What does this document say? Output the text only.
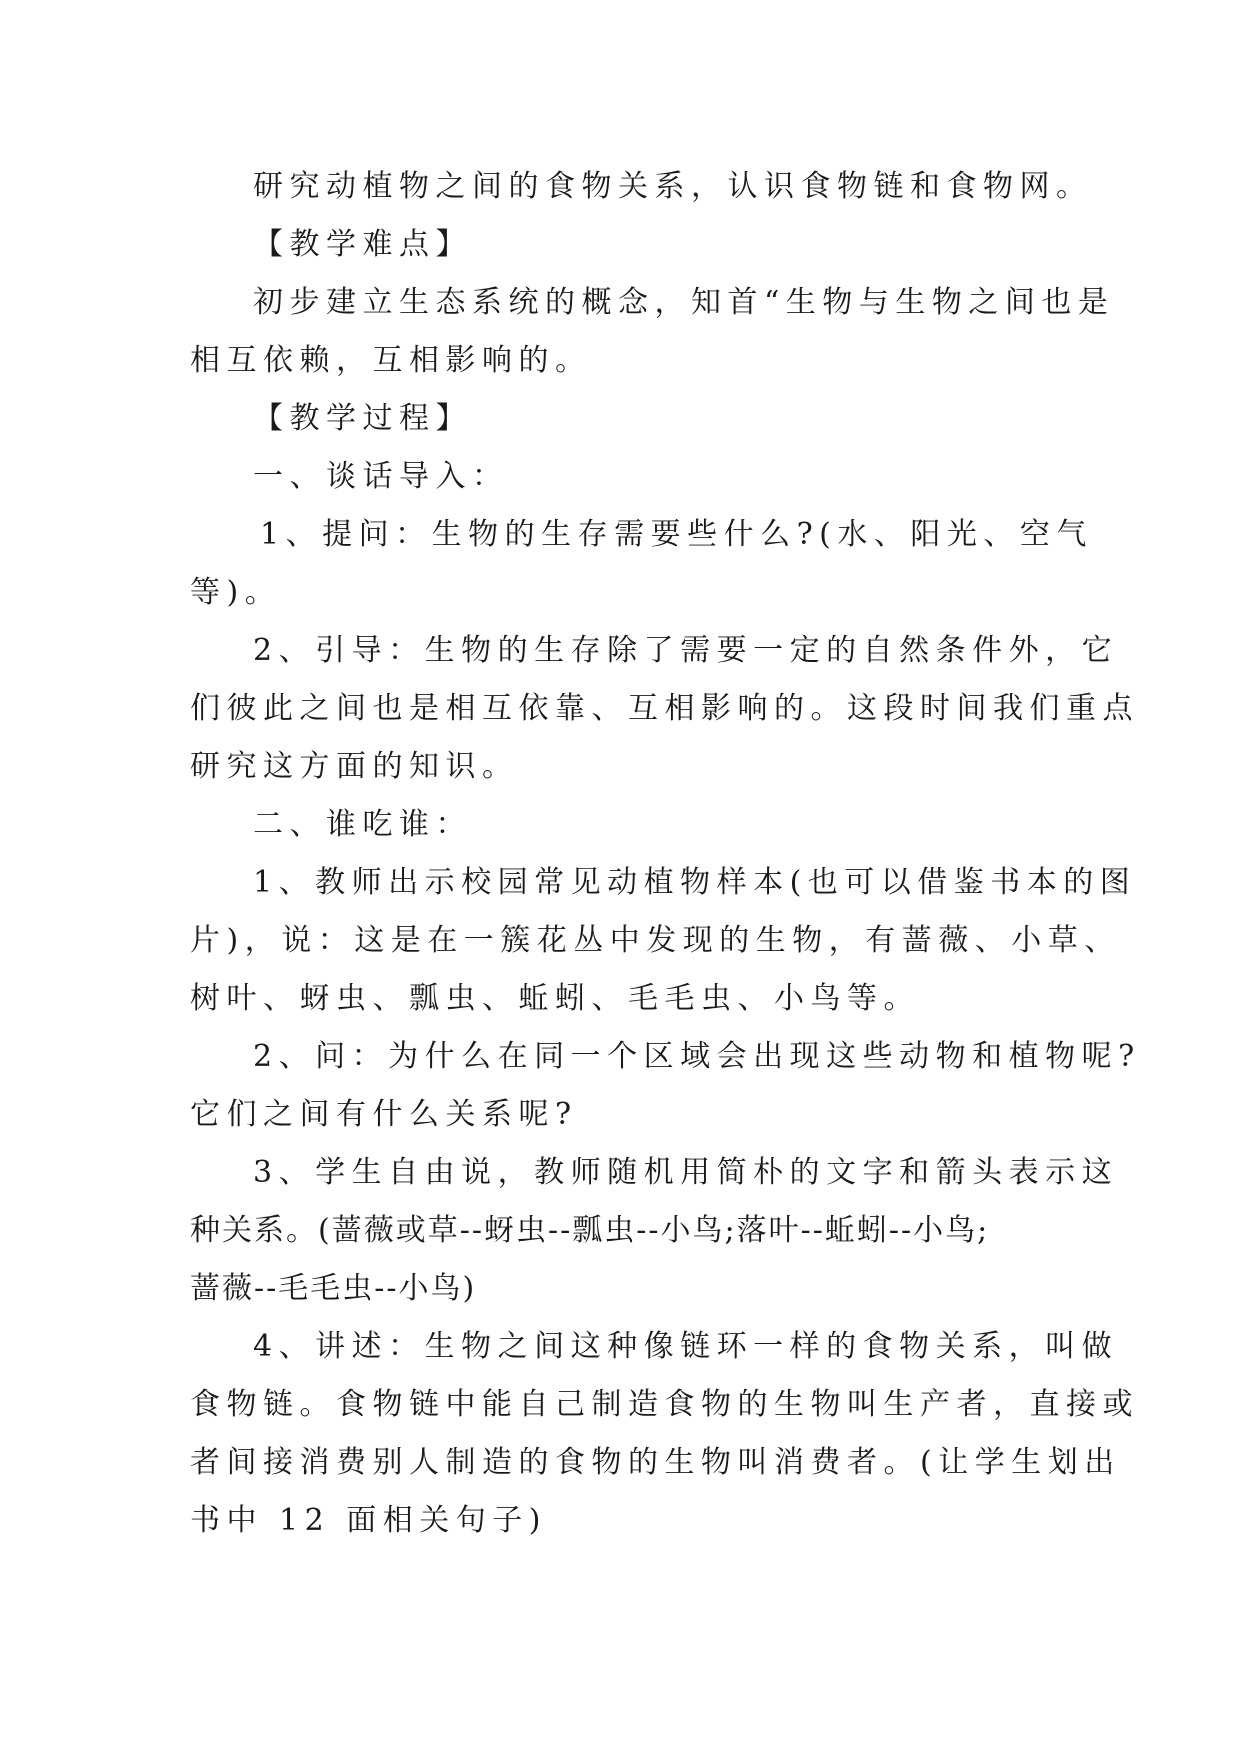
研究动植物之间的食物关系，认识食物链和食物网。
【教学难点】
初步建立生态系统的概念，知首“生物与生物之间也是
相互依赖，互相影响的。
【教学过程】
一、谈话导入：
1、提问：生物的生存需要些什么?(水、阳光、空气
等)。
2、引导：生物的生存除了需要一定的自然条件外，它
们彼此之间也是相互依靠、互相影响的。这段时间我们重点
研究这方面的知识。
二、谁吃谁：
1、教师出示校园常见动植物样本(也可以借鉴书本的图
片)，说：这是在一簇花丛中发现的生物，有蔷薇、小草、
树叶、蚜虫、瓢虫、蚯蚓、毛毛虫、小鸟等。
2、问：为什么在同一个区域会出现这些动物和植物呢?
它们之间有什么关系呢?
3、学生自由说，教师随机用简朴的文字和箭头表示这
种关系。(蔷薇或草--蚜虫--瓢虫--小鸟;落叶--蚯蚓--小鸟;
蔷薇--毛毛虫--小鸟)
4、讲述：生物之间这种像链环一样的食物关系，叫做
食物链。食物链中能自己制造食物的生物叫生产者，直接或
者间接消费别人制造的食物的生物叫消费者。(让学生划出
书中 12 面相关句子)
